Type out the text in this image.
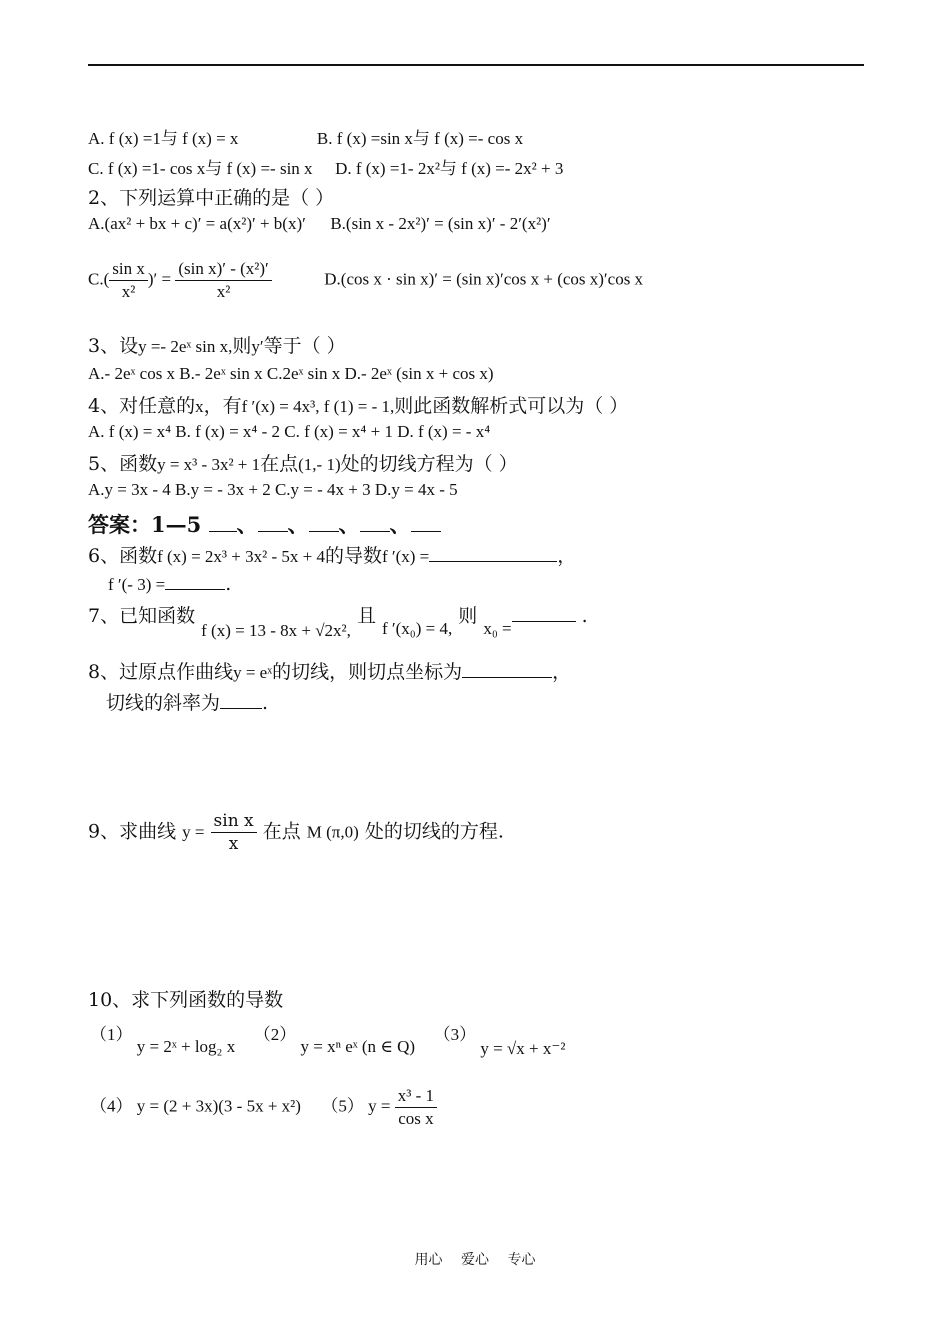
A. f (x) =1与 f (x) = x	B. f (x) =sin x与 f (x) =- cos x
C. f (x) =1- cos x与 f (x) =- sin x D. f (x) =1- 2x²与 f (x) =- 2x² + 3
2、下列运算中正确的是（ ）
A.(ax² + bx + c)′ = a(x²)′ + b(x)′ B.(sin x - 2x²)′ = (sin x)′ - 2′(x²)′
$C.( \frac{\text{sin x}}{\text{x²}}$ )′ = $\frac{\text{(sin x)′ - (x²)′}}{\text{x²}}$	D.(cos x · sin x)′ = (sin x)′cos x + (cos x)′cos x
3、设y =- 2eˣ sin x,则y′等于（ ）
A.- 2eˣ cos x B.- 2eˣ sin x C.2eˣ sin x D.- 2eˣ (sin x + cos x)
4、对任意的x，有f ′(x) = 4x³, f (1) = - 1,则此函数解析式可以为（ ）
A. f (x) = x⁴ B. f (x) = x⁴ - 2 C. f (x) = x⁴ + 1 D. f (x) = - x⁴
5、函数y = x³ - 3x² + 1在点(1,- 1)处的切线方程为（ ）
A.y = 3x - 4 B.y = - 3x + 2 C.y = - 4x + 3 D.y = 4x - 5
答案：1—5 、 、 、 、
6、函数f (x) = 2x³ + 3x² - 5x + 4的导数f ′(x) =	，
f ′(- 3) =	.
7、已知函数 f (x) = 13 - 8x + √2x², 且 f ′(x₀) = 4, 则 x₀ = .
8、过原点作曲线y = eˣ的切线，则切点坐标为	，
切线的斜率为 .
9、求曲线 $y = \frac{\text{sin x}}{x}$ 在点 M (π,0) 处的切线的方程.
10、求下列函数的导数
（1） y = 2ˣ + log₂ x  （2） y = xⁿ eˣ (n ∈ Q)  （3） y = √x + x⁻²
（4） y = (2 + 3x)(3 - 5x + x²) （5） $y = \frac{\text{x³ - 1}}{\text{cos x}}$
用心 爱心 专心
